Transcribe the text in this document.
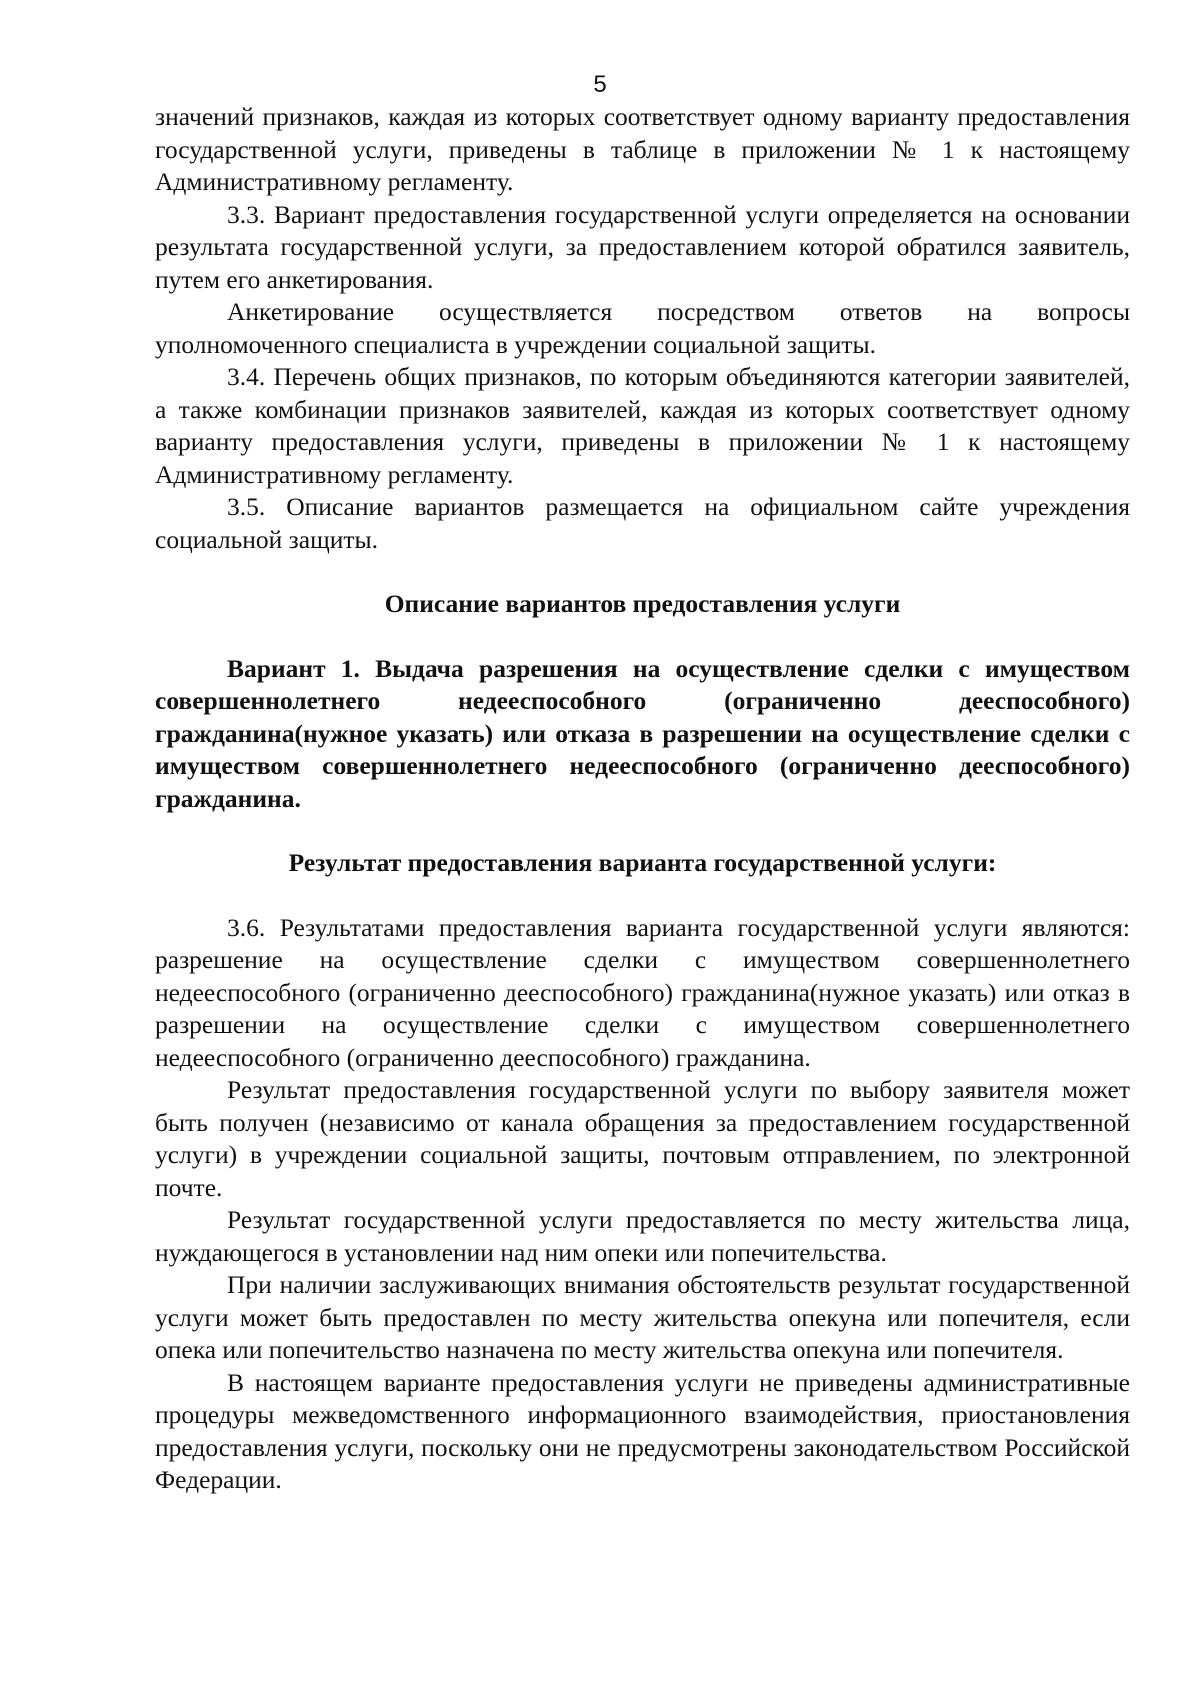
5

значений признаков, каждая из которых соответствует одному варианту предоставления государственной услуги, приведены в таблице в приложении № 1 к настоящему Административному регламенту.

3.3. Вариант предоставления государственной услуги определяется на основании результата государственной услуги, за предоставлением которой обратился заявитель, путем его анкетирования.

Анкетирование осуществляется посредством ответов на вопросы уполномоченного специалиста в учреждении социальной защиты.

3.4. Перечень общих признаков, по которым объединяются категории заявителей, а также комбинации признаков заявителей, каждая из которых соответствует одному варианту предоставления услуги, приведены в приложении № 1 к настоящему Административному регламенту.

3.5. Описание вариантов размещается на официальном сайте учреждения социальной защиты.

Описание вариантов предоставления услуги

Вариант 1. Выдача разрешения на осуществление сделки с имуществом совершеннолетнего недееспособного (ограниченно дееспособного) гражданина(нужное указать) или отказа в разрешении на осуществление сделки с имуществом совершеннолетнего недееспособного (ограниченно дееспособного) гражданина.

Результат предоставления варианта государственной услуги:

3.6. Результатами предоставления варианта государственной услуги являются: разрешение на осуществление сделки с имуществом совершеннолетнего недееспособного (ограниченно дееспособного) гражданина(нужное указать) или отказ в разрешении на осуществление сделки с имуществом совершеннолетнего недееспособного (ограниченно дееспособного) гражданина.

Результат предоставления государственной услуги по выбору заявителя может быть получен (независимо от канала обращения за предоставлением государственной услуги) в учреждении социальной защиты, почтовым отправлением, по электронной почте.

Результат государственной услуги предоставляется по месту жительства лица, нуждающегося в установлении над ним опеки или попечительства.

При наличии заслуживающих внимания обстоятельств результат государственной услуги может быть предоставлен по месту жительства опекуна или попечителя, если опека или попечительство назначена по месту жительства опекуна или попечителя.

В настоящем варианте предоставления услуги не приведены административные процедуры межведомственного информационного взаимодействия, приостановления предоставления услуги, поскольку они не предусмотрены законодательством Российской Федерации.
